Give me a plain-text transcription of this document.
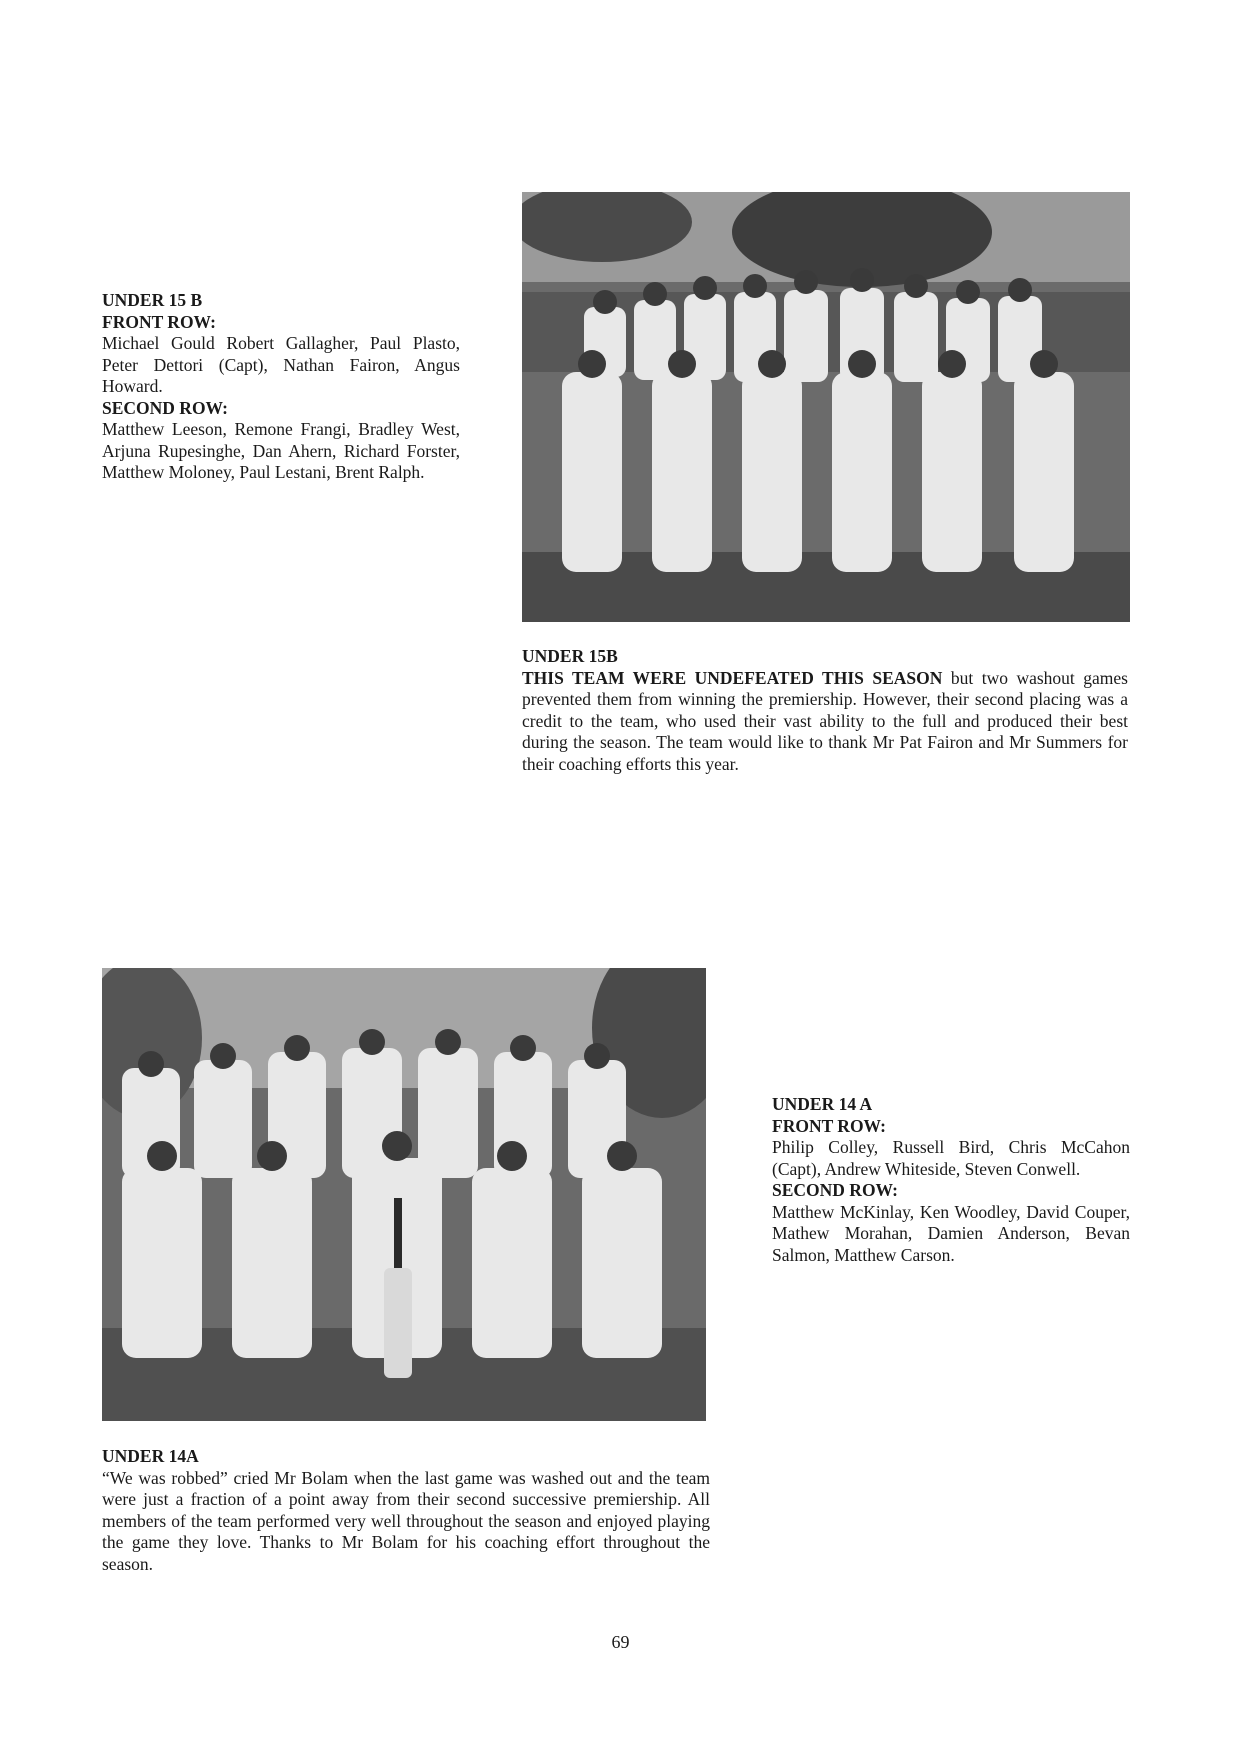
UNDER 15 B
FRONT ROW:

Michael Gould Robert Gallagher, Paul Plasto, Peter Dettori (Capt), Nathan Fairon, Angus Howard.

SECOND ROW:

Matthew Leeson, Remone Frangi, Bradley West, Arjuna Rupesinghe, Dan Ahern, Richard Forster, Matthew Moloney, Paul Lestani, Brent Ralph.

UNDER 15B

THIS TEAM WERE UNDEFEATED THIS SEASON but two washout games prevented them from winning the premiership. However, their second placing was a credit to the team, who used their vast ability to the full and produced their best during the season. The team would like to thank Mr Pat Fairon and Mr Summers for their coaching efforts this year.

UNDER 14 A
FRONT ROW:

Philip Colley, Russell Bird, Chris McCahon (Capt), Andrew Whiteside, Steven Conwell.

SECOND ROW:

Matthew McKinlay, Ken Woodley, David Couper, Mathew Morahan, Damien Anderson, Bevan Salmon, Matthew Carson.

UNDER 14A

“We was robbed” cried Mr Bolam when the last game was washed out and the team were just a fraction of a point away from their second successive premiership. All members of the team performed very well throughout the season and enjoyed playing the game they love. Thanks to Mr Bolam for his coaching effort throughout the season.

69
